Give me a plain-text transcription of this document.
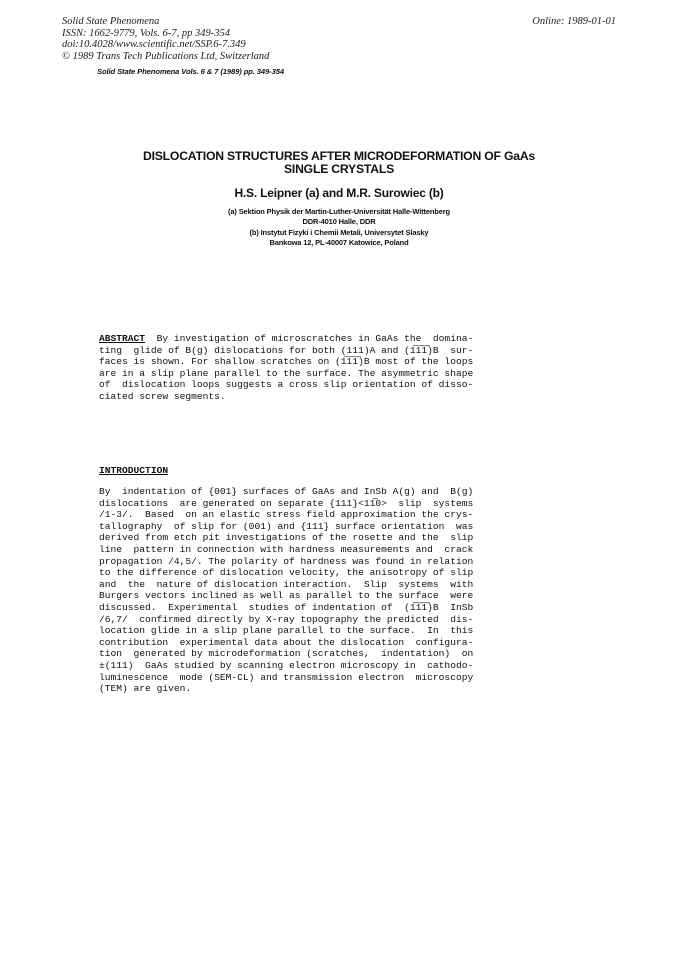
Solid State Phenomena
ISSN: 1662-9779, Vols. 6-7, pp 349-354
doi:10.4028/www.scientific.net/SSP.6-7.349
© 1989 Trans Tech Publications Ltd, Switzerland
Online: 1989-01-01
Solid State Phenomena Vols. 6 & 7 (1989) pp. 349-354
DISLOCATION STRUCTURES AFTER MICRODEFORMATION OF GaAs
SINGLE CRYSTALS
H.S. Leipner (a) and M.R. Surowiec (b)
(a) Sektion Physik der Martin-Luther-Universität Halle-Wittenberg
DDR-4010 Halle, DDR
(b) Instytut Fizyki i Chemii Metali, Universytet Slasky
Bankowa 12, PL-40007 Katowice, Poland
ABSTRACT  By investigation of microscratches in GaAs the  domina-
ting  glide of B(g) dislocations for both (111)A and (1̅1̅1̅)B  sur-
faces is shown. For shallow scratches on (1̅1̅1̅)B most of the loops
are in a slip plane parallel to the surface. The asymmetric shape
of  dislocation loops suggests a cross slip orientation of disso-
ciated screw segments.
INTRODUCTION
By  indentation of {001} surfaces of GaAs and InSb A(g) and  B(g)
dislocations  are generated on separate {111}<11̅0>  slip  systems
/1-3/.  Based  on an elastic stress field approximation the crys-
tallography  of slip for (001) and {111} surface orientation  was
derived from etch pit investigations of the rosette and the  slip
line  pattern in connection with hardness measurements and  crack
propagation /4,5/. The polarity of hardness was found in relation
to the difference of dislocation velocity, the anisotropy of slip
and  the  nature of dislocation interaction.  Slip  systems  with
Burgers vectors inclined as well as parallel to the surface  were
discussed.  Experimental  studies of indentation of  (1̅1̅1̅)B  InSb
/6,7/  confirmed directly by X-ray topography the predicted  dis-
location glide in a slip plane parallel to the surface.  In  this
contribution  experimental data about the dislocation  configura-
tion  generated by microdeformation (scratches,  indentation)  on
±(111)  GaAs studied by scanning electron microscopy in  cathodo-
luminescence  mode (SEM-CL) and transmission electron  microscopy
(TEM) are given.
